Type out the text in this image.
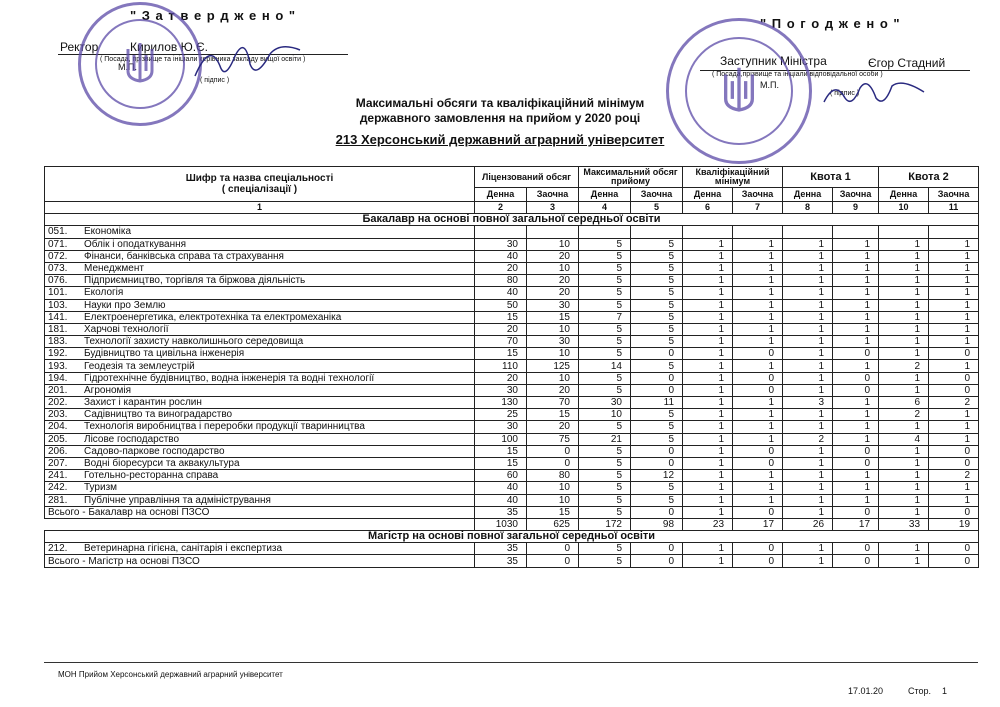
" З а т в е р д ж е н о "
Ректор	Кирилов Ю.Є.
( Посада, прізвище та ініціали керівника закладу вищої освіти )
( підпис )
М.П.
" П о г о д ж е н о "
Заступник Міністра	Єгор Стадний
( Посада,прізвище та ініціали відповідальної особи )
( підпис )
М.П.
Максимальні обсяги та кваліфікаційний мінімум
державного замовлення на прийом у 2020 році
213 Херсонський державний аграрний університет
Шифр та назва спеціальності
( спеціалізації )	Ліцензований обсяг		Максимальний обсяг прийому		Кваліфікаційний мінімум		Квота 1		Квота 2	
	Денна	Заочна	Денна	Заочна	Денна	Заочна	Денна	Заочна	Денна	Заочна
1	2	3	4	5	6	7	8	9	10	11
Бакалавр на основі повної загальної середньої освіти										
051. Економіка										
071. Облік і оподаткування	30	10	5	5	1	1	1	1	1	1
072. Фінанси, банківська справа та страхування	40	20	5	5	1	1	1	1	1	1
073. Менеджмент	20	10	5	5	1	1	1	1	1	1
076. Підприємництво, торгівля та біржова діяльність	80	20	5	5	1	1	1	1	1	1
101. Екологія	40	20	5	5	1	1	1	1	1	1
103. Науки про Землю	50	30	5	5	1	1	1	1	1	1
141. Електроенергетика, електротехніка та електромеханіка	15	15	7	5	1	1	1	1	1	1
181. Харчові технології	20	10	5	5	1	1	1	1	1	1
183. Технології захисту навколишнього середовища	70	30	5	5	1	1	1	1	1	1
192. Будівництво та цивільна інженерія	15	10	5	0	1	0	1	0	1	0
193. Геодезія та землеустрій	110	125	14	5	1	1	1	1	2	1
194. Гідротехнічне будівництво, водна інженерія та водні технології	20	10	5	0	1	0	1	0	1	0
201. Агрономія	30	20	5	0	1	0	1	0	1	0
202. Захист і карантин рослин	130	70	30	11	1	1	3	1	6	2
203. Садівництво та виноградарство	25	15	10	5	1	1	1	1	2	1
204. Технологія виробництва і переробки продукції тваринництва	30	20	5	5	1	1	1	1	1	1
205. Лісове господарство	100	75	21	5	1	1	2	1	4	1
206. Садово-паркове господарство	15	0	5	0	1	0	1	0	1	0
207. Водні біоресурси та аквакультура	15	0	5	0	1	0	1	0	1	0
241. Готельно-ресторанна справа	60	80	5	12	1	1	1	1	1	2
242. Туризм	40	10	5	5	1	1	1	1	1	1
281. Публічне управління та адміністрування	40	10	5	5	1	1	1	1	1	1
Всього - Бакалавр на основі ПЗСО	35	15	5	0	1	0	1	0	1	0
	1030	625	172	98	23	17	26	17	33	19
Магістр на основі повної загальної середньої освіти										
212. Ветеринарна гігієна, санітарія і експертиза	35	0	5	0	1	0	1	0	1	0
Всього - Магістр на основі ПЗСО	35	0	5	0	1	0	1	0	1	0
МОН Прийом Херсонський державний аграрний університет
17.01.20	Стор. 1
